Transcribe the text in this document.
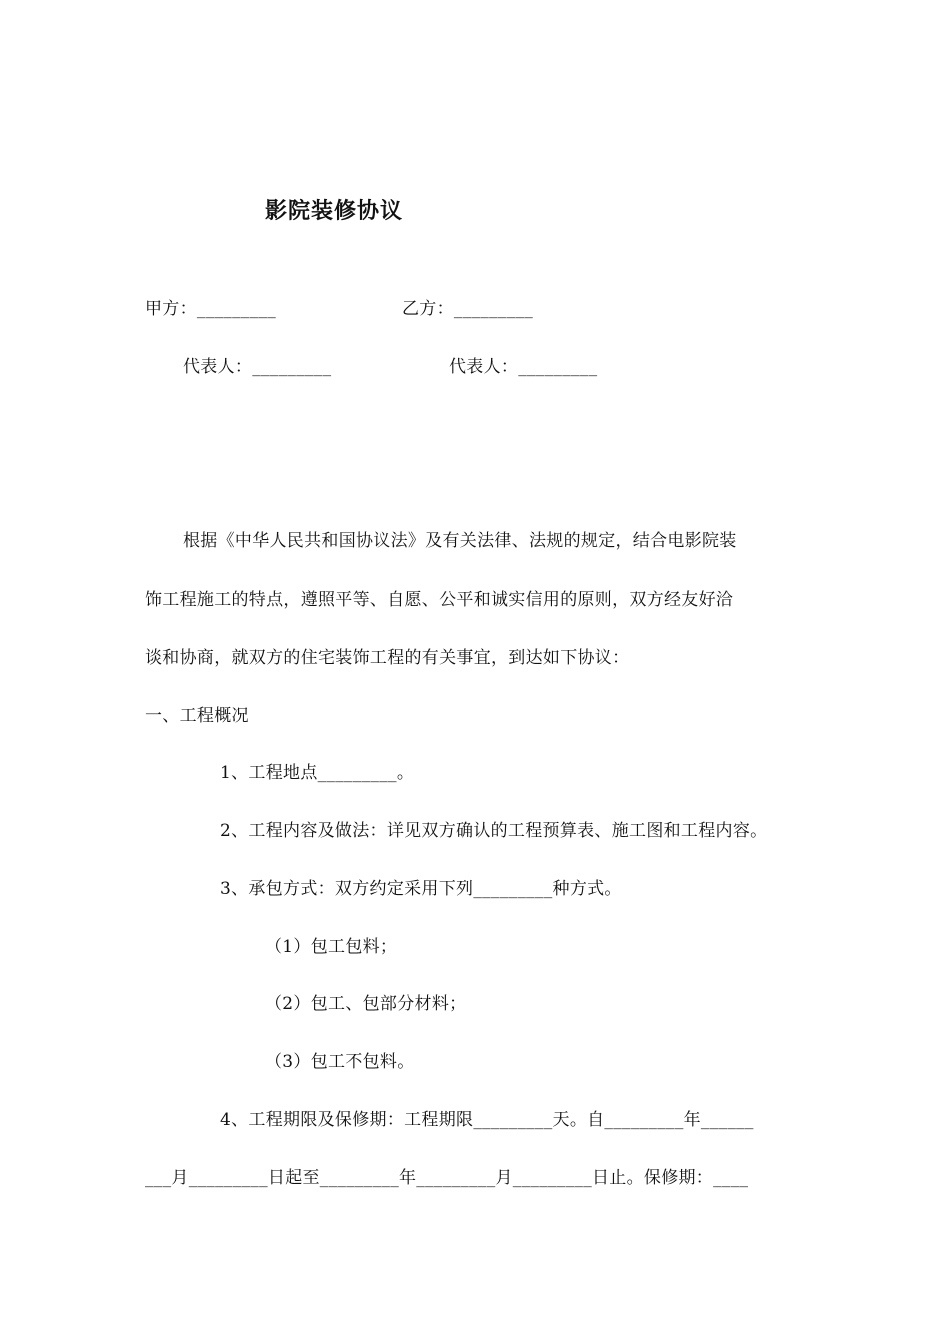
影院装修协议
甲方：_________	乙方：_________
代表人：_________	代表人：_________
根据《中华人民共和国协议法》及有关法律、法规的规定，结合电影院装
饰工程施工的特点，遵照平等、自愿、公平和诚实信用的原则，双方经友好洽
谈和协商，就双方的住宅装饰工程的有关事宜，到达如下协议：
一、工程概况
1、工程地点_________。
2、工程内容及做法：详见双方确认的工程预算表、施工图和工程内容。
3、承包方式：双方约定采用下列_________种方式。
（1）包工包料；
（2）包工、包部分材料；
（3）包工不包料。
4、工程期限及保修期：工程期限_________天。自_________年______
___月_________日起至_________年_________月_________日止。保修期：____
